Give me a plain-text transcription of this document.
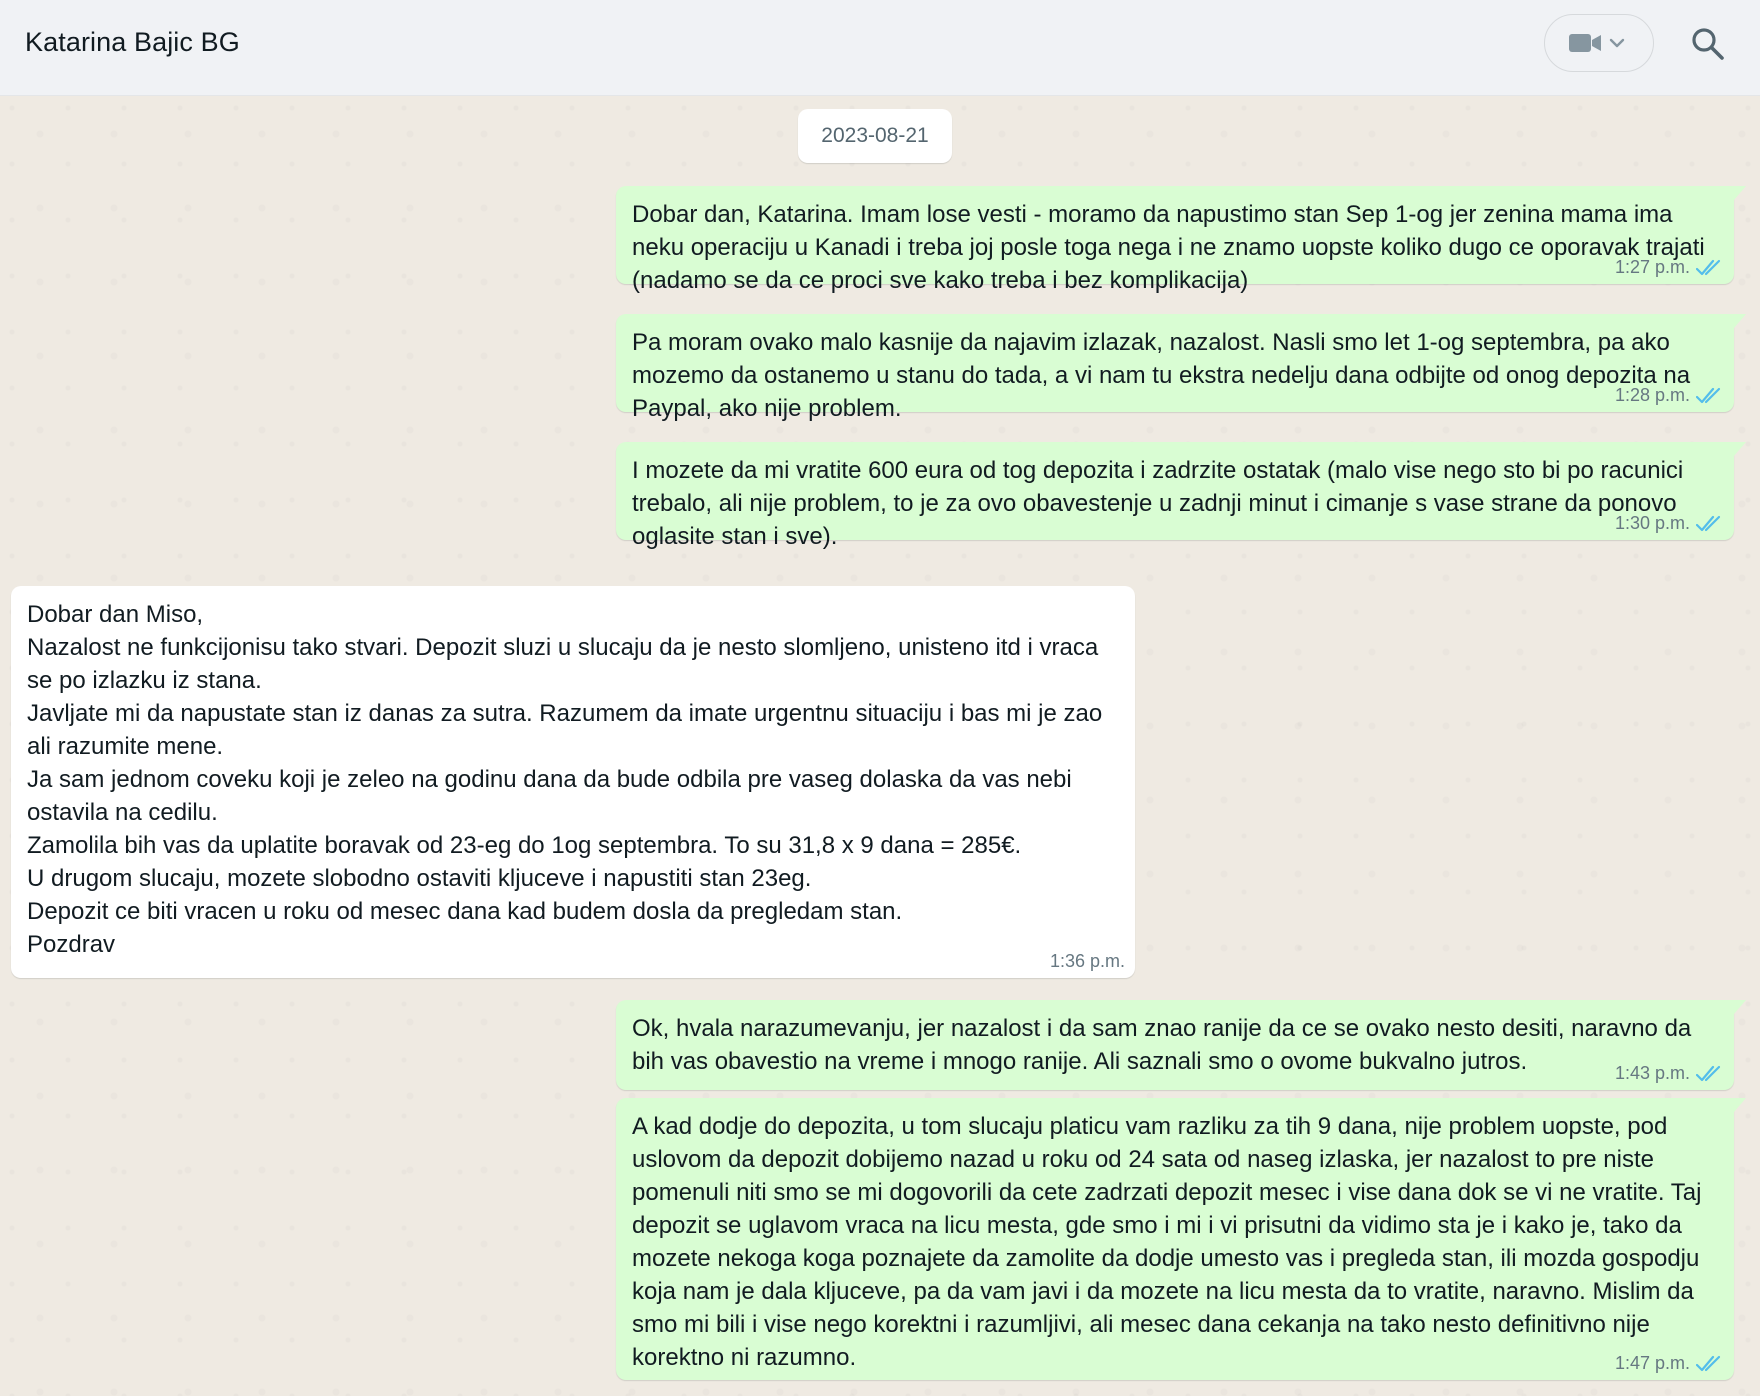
Katarina Bajic BG
2023-08-21
Dobar dan, Katarina. Imam lose vesti - moramo da napustimo stan Sep 1-og jer zenina mama ima neku operaciju u Kanadi i treba joj posle toga nega i ne znamo uopste koliko dugo ce oporavak trajati (nadamo se da ce proci sve kako treba i bez komplikacija)	1:27 p.m.
Pa moram ovako malo kasnije da najavim izlazak, nazalost. Nasli smo let 1-og septembra, pa ako mozemo da ostanemo u stanu do tada, a vi nam tu ekstra nedelju dana odbijte od onog depozita na Paypal, ako nije problem.	1:28 p.m.
I mozete da mi vratite 600 eura od tog depozita i zadrzite ostatak (malo vise nego sto bi po racunici trebalo, ali nije problem, to je za ovo obavestenje u zadnji minut i cimanje s vase strane da ponovo oglasite stan i sve).	1:30 p.m.
Dobar dan Miso,
Nazalost ne funkcijonisu tako stvari. Depozit sluzi u slucaju da je nesto slomljeno, unisteno itd i vraca se po izlazku iz stana.
Javljate mi da napustate stan iz danas za sutra. Razumem da imate urgentnu situaciju i bas mi je zao ali razumite mene.
Ja sam jednom coveku koji je zeleo na godinu dana da bude odbila pre vaseg dolaska da vas nebi ostavila na cedilu.
Zamolila bih vas da uplatite boravak od 23-eg do 1og septembra. To su 31,8 x 9 dana = 285€.
U drugom slucaju, mozete slobodno ostaviti kljuceve i napustiti stan 23eg.
Depozit ce biti vracen u roku od mesec dana kad budem dosla da pregledam stan.
Pozdrav
1:36 p.m.
Ok, hvala narazumevanju, jer nazalost i da sam znao ranije da ce se ovako nesto desiti, naravno da bih vas obavestio na vreme i mnogo ranije. Ali saznali smo o ovome bukvalno jutros.	1:43 p.m.
A kad dodje do depozita, u tom slucaju platicu vam razliku za tih 9 dana, nije problem uopste, pod uslovom da depozit dobijemo nazad u roku od 24 sata od naseg izlaska, jer nazalost to pre niste pomenuli niti smo se mi dogovorili da cete zadrzati depozit mesec i vise dana dok se vi ne vratite. Taj depozit se uglavom vraca na licu mesta, gde smo i mi i vi prisutni da vidimo sta je i kako je, tako da mozete nekoga koga poznajete da zamolite da dodje umesto vas i pregleda stan, ili mozda gospodju koja nam je dala kljuceve, pa da vam javi i da mozete na licu mesta da to vratite, naravno. Mislim da smo mi bili i vise nego korektni i razumljivi, ali mesec dana cekanja na tako nesto definitivno nije korektno ni razumno.	1:47 p.m.
